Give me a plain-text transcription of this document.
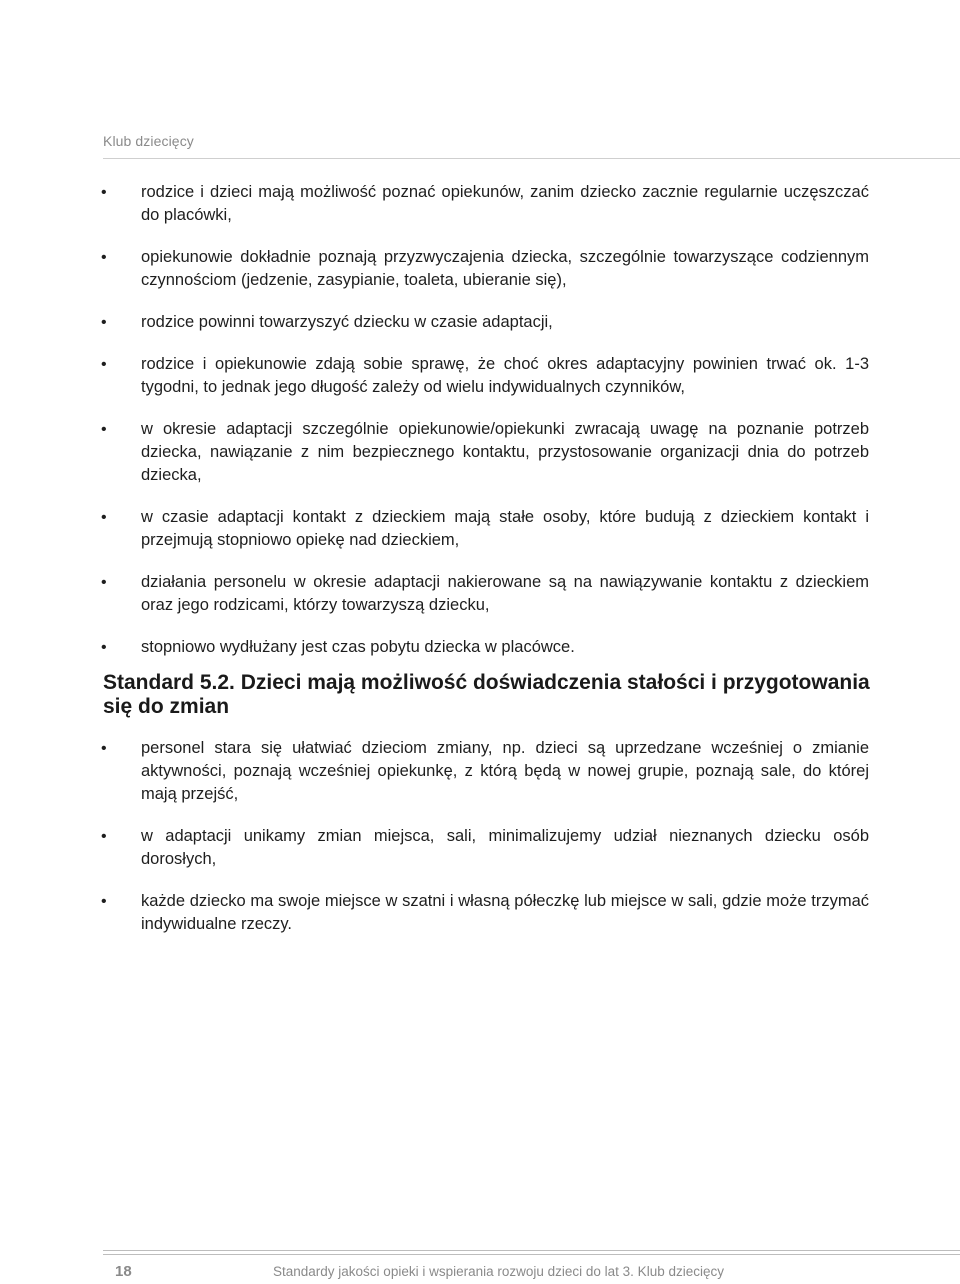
Klub dziecięcy
• rodzice i dzieci mają możliwość poznać opiekunów, zanim dziecko zacznie regularnie uczęszczać do placówki,
• opiekunowie dokładnie poznają przyzwyczajenia dziecka, szczególnie towarzyszące codziennym czynnościom (jedzenie, zasypianie, toaleta, ubieranie się),
• rodzice powinni towarzyszyć dziecku w czasie adaptacji,
• rodzice i opiekunowie zdają sobie sprawę, że choć okres adaptacyjny powinien trwać ok. 1-3 tygodni, to jednak jego długość zależy od wielu indywidualnych czynników,
• w okresie adaptacji szczególnie opiekunowie/opiekunki zwracają uwagę na poznanie potrzeb dziecka, nawiązanie z nim bezpiecznego kontaktu, przystosowanie organizacji dnia do potrzeb dziecka,
• w czasie adaptacji kontakt z dzieckiem mają stałe osoby, które budują z dzieckiem kontakt i przejmują stopniowo opiekę nad dzieckiem,
• działania personelu w okresie adaptacji nakierowane są na nawiązywanie kontaktu z dzieckiem oraz jego rodzicami, którzy towarzyszą dziecku,
• stopniowo wydłużany jest czas pobytu dziecka w placówce.
Standard 5.2. Dzieci mają możliwość doświadczenia stałości i przygotowania się do zmian
• personel stara się ułatwiać dzieciom zmiany, np. dzieci są uprzedzane wcześniej o zmianie aktywności, poznają wcześniej opiekunkę, z którą będą w nowej grupie, poznają sale, do której mają przejść,
• w adaptacji unikamy zmian miejsca, sali, minimalizujemy udział nieznanych dziecku osób dorosłych,
• każde dziecko ma swoje miejsce w szatni i własną półeczkę lub miejsce w sali, gdzie może trzymać indywidualne rzeczy.
18	Standardy jakości opieki i wspierania rozwoju dzieci do lat 3. Klub dziecięcy
